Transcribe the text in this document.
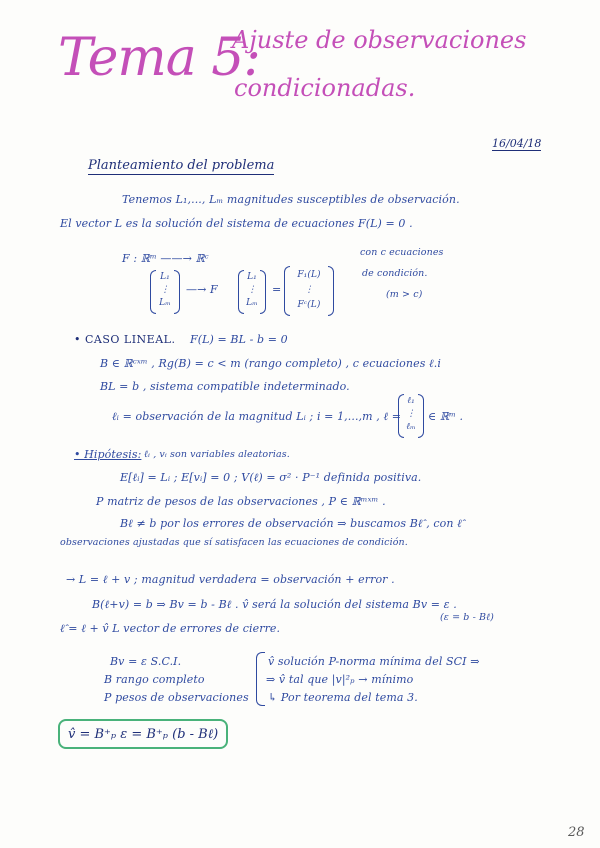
Tema 5:
Ajuste de observaciones
condicionadas.
16/04/18
Planteamiento del problema
Tenemos L₁,..., Lₘ magnitudes susceptibles de observación.
El vector L es la solución del sistema de ecuaciones F(L) = 0 .
F : ℝᵐ ——→ ℝᶜ
L₁
⋮
Lₘ
—→ F
L₁
⋮
Lₘ
=
F₁(L)
⋮
Fᶜ(L)
con c ecuaciones
de condición.
(m > c)
• CASO LINEAL. F(L) = BL - b = 0
B ∈ ℝᶜˣᵐ , Rg(B) = c < m (rango completo) , c ecuaciones ℓ.i
BL = b , sistema compatible indeterminado.
ℓᵢ = observación de la magnitud Lᵢ ; i = 1,...,m , ℓ =
ℓ₁
⋮
ℓₘ
∈ ℝᵐ .
• Hipótesis: ℓᵢ , vᵢ son variables aleatorias.
E[ℓᵢ] = Lᵢ ; E[vᵢ] = 0 ; V(ℓ) = σ² · P⁻¹ definida positiva.
P matriz de pesos de las observaciones , P ∈ ℝᵐˣᵐ .
Bℓ ≠ b por los errores de observación ⇒ buscamos Bℓ̂ , con ℓ̂
observaciones ajustadas que sí satisfacen las ecuaciones de condición.
→ L = ℓ + v ; magnitud verdadera = observación + error .
B(ℓ+v) = b ⇒ Bv = b - Bℓ . v̂ será la solución del sistema Bv = ε .
(ε = b - Bℓ)
ℓ̂ = ℓ + v̂ L vector de errores de cierre.
Bv = ε S.C.I.
B rango completo
P pesos de observaciones
v̂ solución P-norma mínima del SCI ⇒
⇒ v̂ tal que |v|²ₚ → mínimo
↳ Por teorema del tema 3.
v̂ = B⁺ₚ ε = B⁺ₚ (b - Bℓ)
28
